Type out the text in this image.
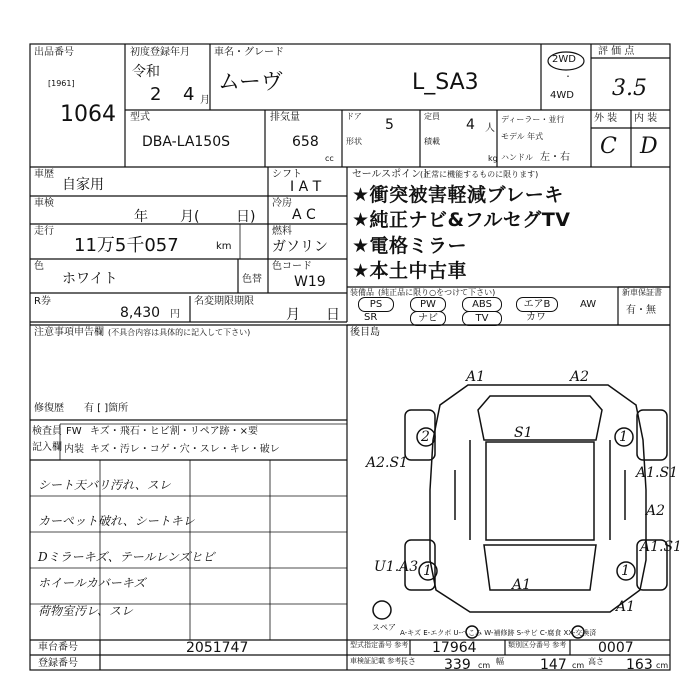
出品番号
[1961]
1064
初度登録年月
令和
2 4 月
車名・グレード
ムーヴ	L_SA3
2WD
・
4WD
評 価 点
3.5
型式
DBA-LA150S
排気量
658
cc
ドア
5
形状
定員
4 人
積載
kg
ディーラー・並行
モデル 年式
ハンドル 左・右
外 装 内 装
C D
車歴
自家用
車検
年 月(	日)
走行
11万5千057	km
色
ホワイト	色替
R券
8,430 円
名変期限期限
月 日
シフト
I A T
冷房
A C
燃料
ガソリン
色コード
W19
セールスポイント
(正常に機能するものに限ります)
★衝突被害軽減ブレーキ
★純正ナビ&フルセグTV
★電格ミラー
★本土中古車
装備品 (純正品に限り○をつけて下さい)
PS	PW	ABS	エアB	AW
SR	ナビ	TV	カワ
新車保証書
有・無
注意事項申告欄 (不具合内容は具体的に記入して下さい)	後目島
修復歴 有 [ ]箇所
検査員
記入欄
FW キズ・飛石・ヒビ割・リペア跡・×要
内装 キズ・汚レ・コゲ・穴・スレ・キレ・破レ
シート天バリ汚れ、スレ
カーペット破れ、シートキレ
Dミラーキズ、テールレンズヒビ
ホイールカバーキズ
荷物室汚レ、スレ
A1	A2
S1
2	1
A2.S1
A1.S1
A2
A1.S1
U1.A3 1
A1
A1
1
スペア
A-キズ E-エクボ U-へこみ W-補修跡 S-サビ C-腐食 XX-交換済
車台番号	2051747
登録番号
型式指定番号 参考 17964	類別区分番号 参考 0007
車検証記載 参考
長さ 339 cm 幅	147 cm 高さ 163 cm
